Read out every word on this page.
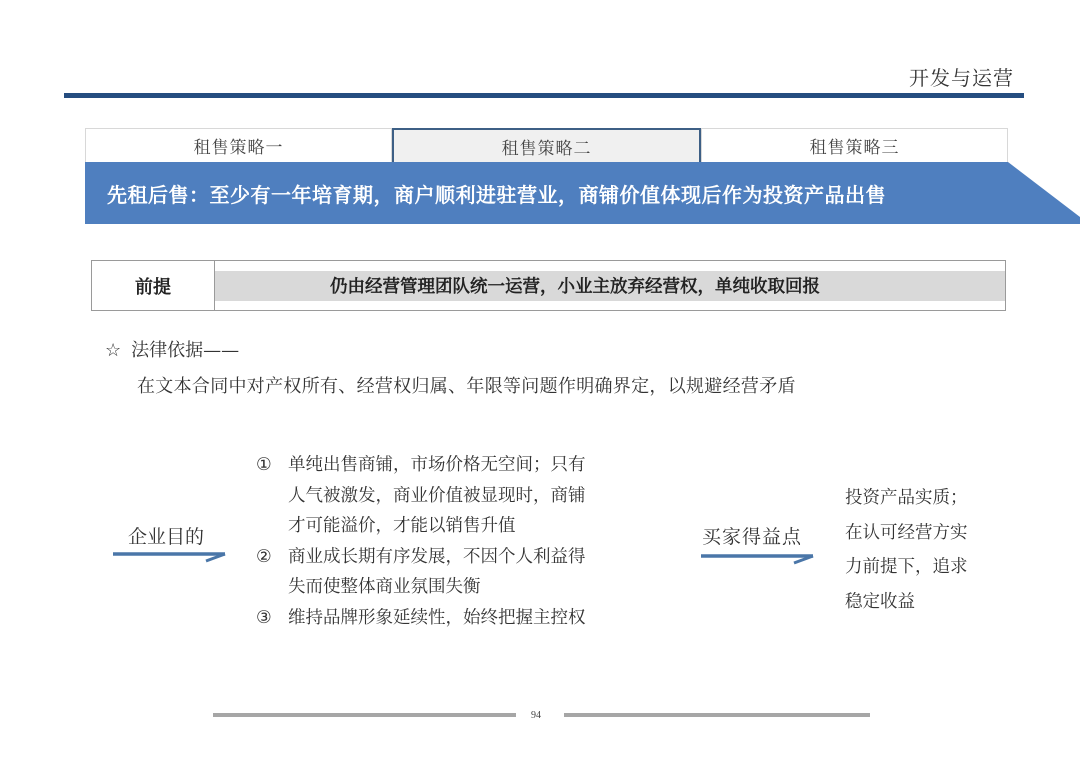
开发与运营
租售策略一	租售策略二	租售策略三
先租后售：至少有一年培育期，商户顺利进驻营业，商铺价值体现后作为投资产品出售
前提	仍由经营管理团队统一运营，小业主放弃经营权，单纯收取回报
☆ 法律依据——
在文本合同中对产权所有、经营权归属、年限等问题作明确界定，以规避经营矛盾
企业目的
① 单纯出售商铺，市场价格无空间；只有
人气被激发，商业价值被显现时，商铺
才可能溢价，才能以销售升值
② 商业成长期有序发展，不因个人利益得
失而使整体商业氛围失衡
③ 维持品牌形象延续性，始终把握主控权
买家得益点
投资产品实质；
在认可经营方实
力前提下，追求
稳定收益
94
